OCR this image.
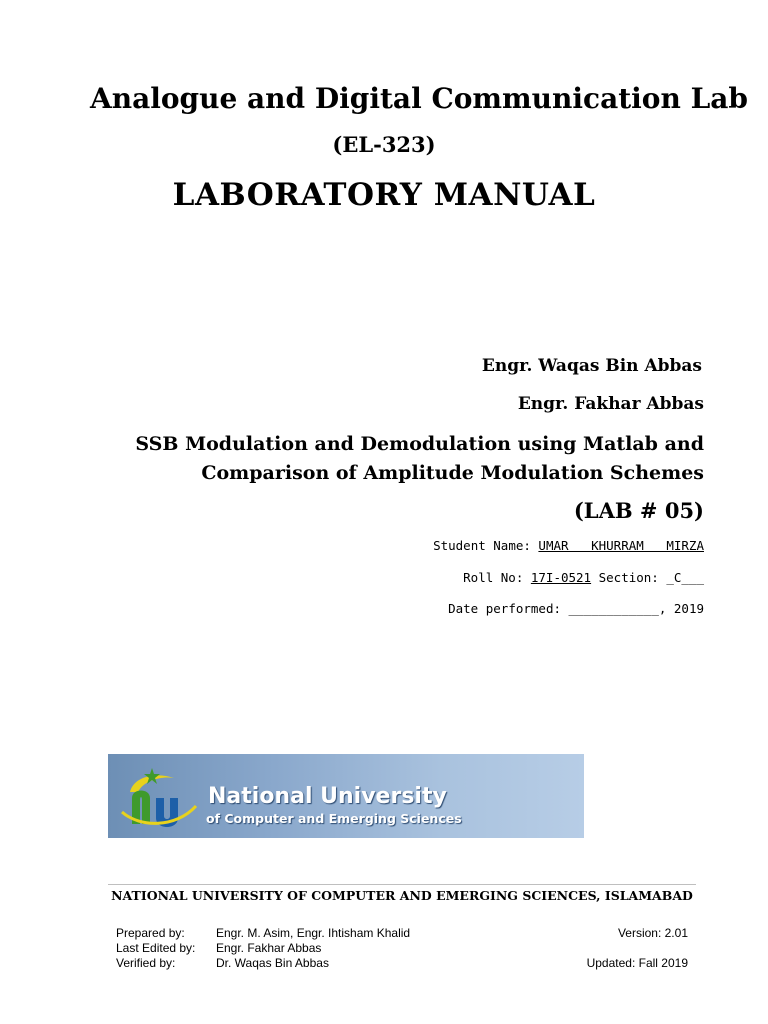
Analogue and Digital Communication Lab
(EL-323)
LABORATORY MANUAL
Engr. Waqas Bin Abbas
Engr. Fakhar Abbas
SSB Modulation and Demodulation using Matlab and
Comparison of Amplitude Modulation Schemes
(LAB # 05)
Student Name: UMAR   KHURRAM   MIRZA
Roll No: 17I-0521 Section: _C___
Date performed: ____________, 2019
National University
of Computer and Emerging Sciences
NATIONAL UNIVERSITY OF COMPUTER AND EMERGING SCIENCES, ISLAMABAD
Prepared by:	Engr. M. Asim, Engr. Ihtisham Khalid	Version: 2.01
Last Edited by: Engr. Fakhar Abbas
Verified by:	Dr. Waqas Bin Abbas	Updated: Fall 2019
